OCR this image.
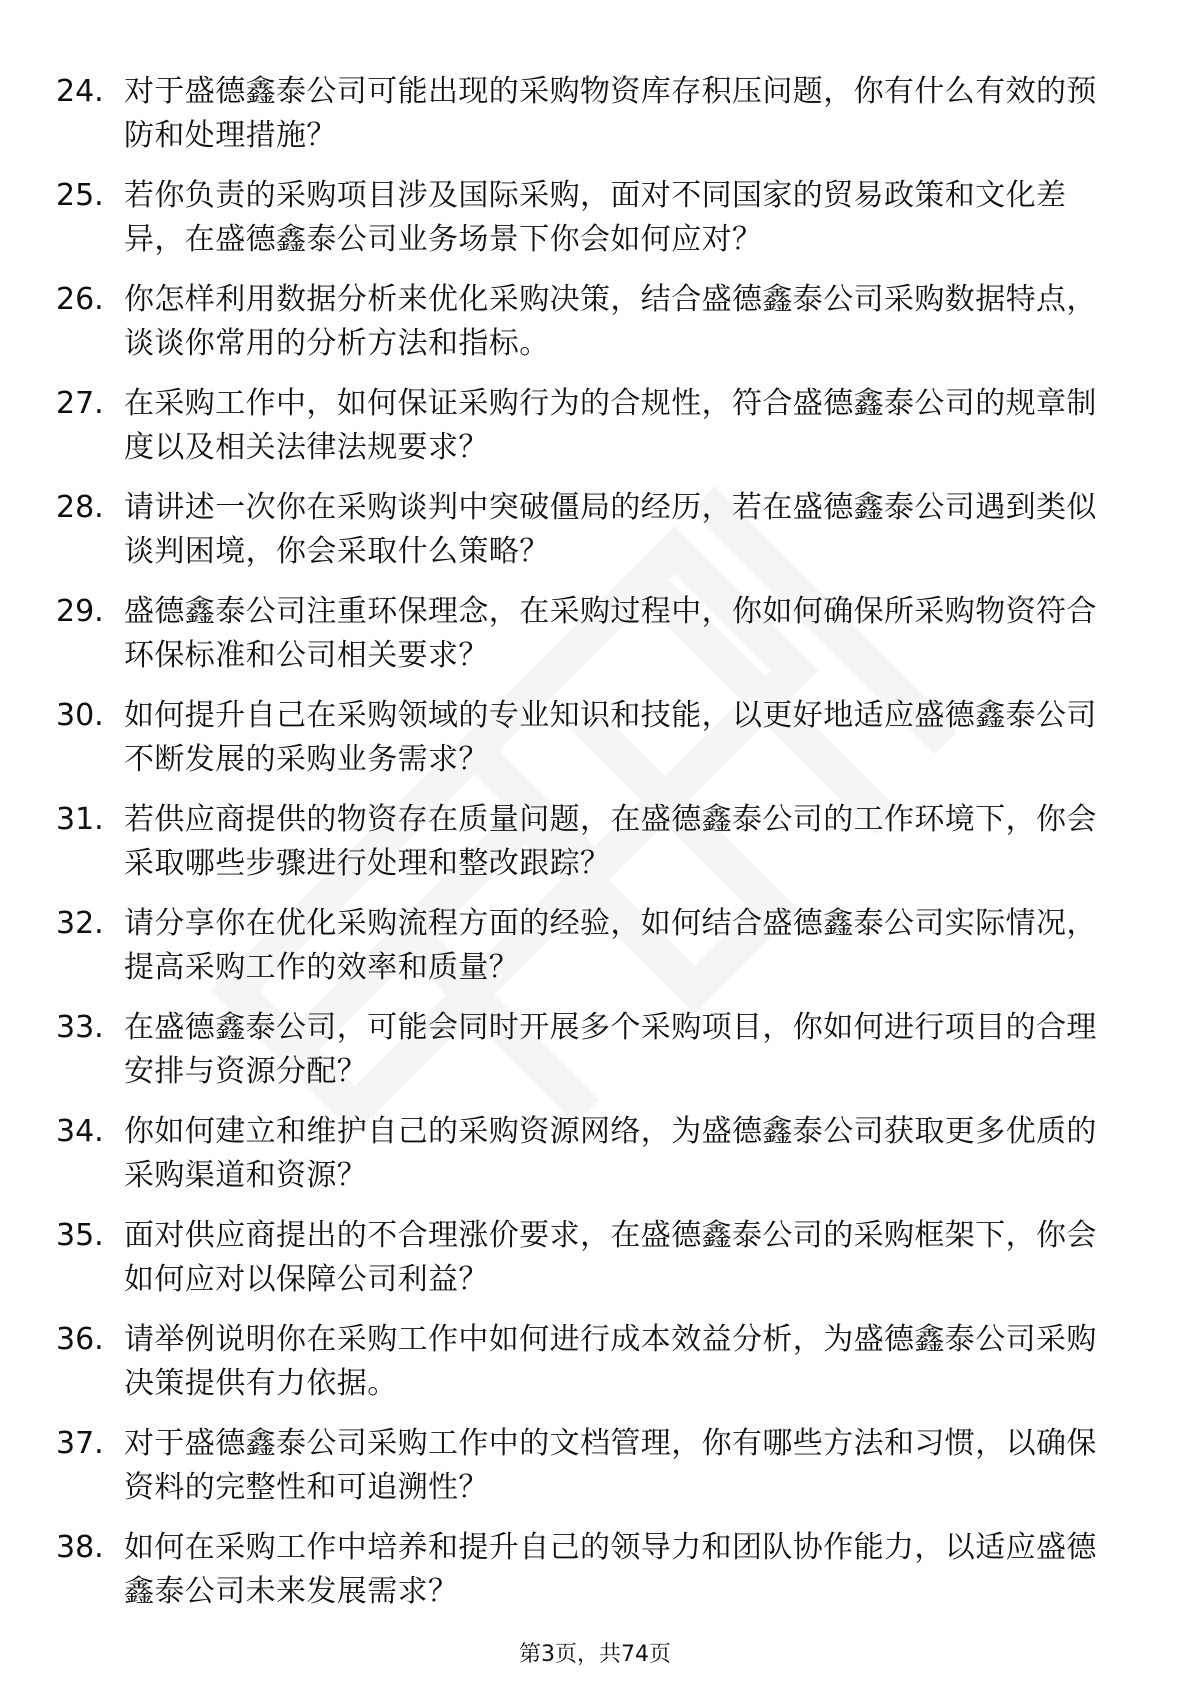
24. 对于盛德鑫泰公司可能出现的采购物资库存积压问题，你有什么有效的预防和处理措施？
25. 若你负责的采购项目涉及国际采购，面对不同国家的贸易政策和文化差异，在盛德鑫泰公司业务场景下你会如何应对？
26. 你怎样利用数据分析来优化采购决策，结合盛德鑫泰公司采购数据特点，谈谈你常用的分析方法和指标。
27. 在采购工作中，如何保证采购行为的合规性，符合盛德鑫泰公司的规章制度以及相关法律法规要求？
28. 请讲述一次你在采购谈判中突破僵局的经历，若在盛德鑫泰公司遇到类似谈判困境，你会采取什么策略？
29. 盛德鑫泰公司注重环保理念，在采购过程中，你如何确保所采购物资符合环保标准和公司相关要求？
30. 如何提升自己在采购领域的专业知识和技能，以更好地适应盛德鑫泰公司不断发展的采购业务需求？
31. 若供应商提供的物资存在质量问题，在盛德鑫泰公司的工作环境下，你会采取哪些步骤进行处理和整改跟踪？
32. 请分享你在优化采购流程方面的经验，如何结合盛德鑫泰公司实际情况，提高采购工作的效率和质量？
33. 在盛德鑫泰公司，可能会同时开展多个采购项目，你如何进行项目的合理安排与资源分配？
34. 你如何建立和维护自己的采购资源网络，为盛德鑫泰公司获取更多优质的采购渠道和资源？
35. 面对供应商提出的不合理涨价要求，在盛德鑫泰公司的采购框架下，你会如何应对以保障公司利益？
36. 请举例说明你在采购工作中如何进行成本效益分析，为盛德鑫泰公司采购决策提供有力依据。
37. 对于盛德鑫泰公司采购工作中的文档管理，你有哪些方法和习惯，以确保资料的完整性和可追溯性？
38. 如何在采购工作中培养和提升自己的领导力和团队协作能力，以适应盛德鑫泰公司未来发展需求？
第3页，共74页
